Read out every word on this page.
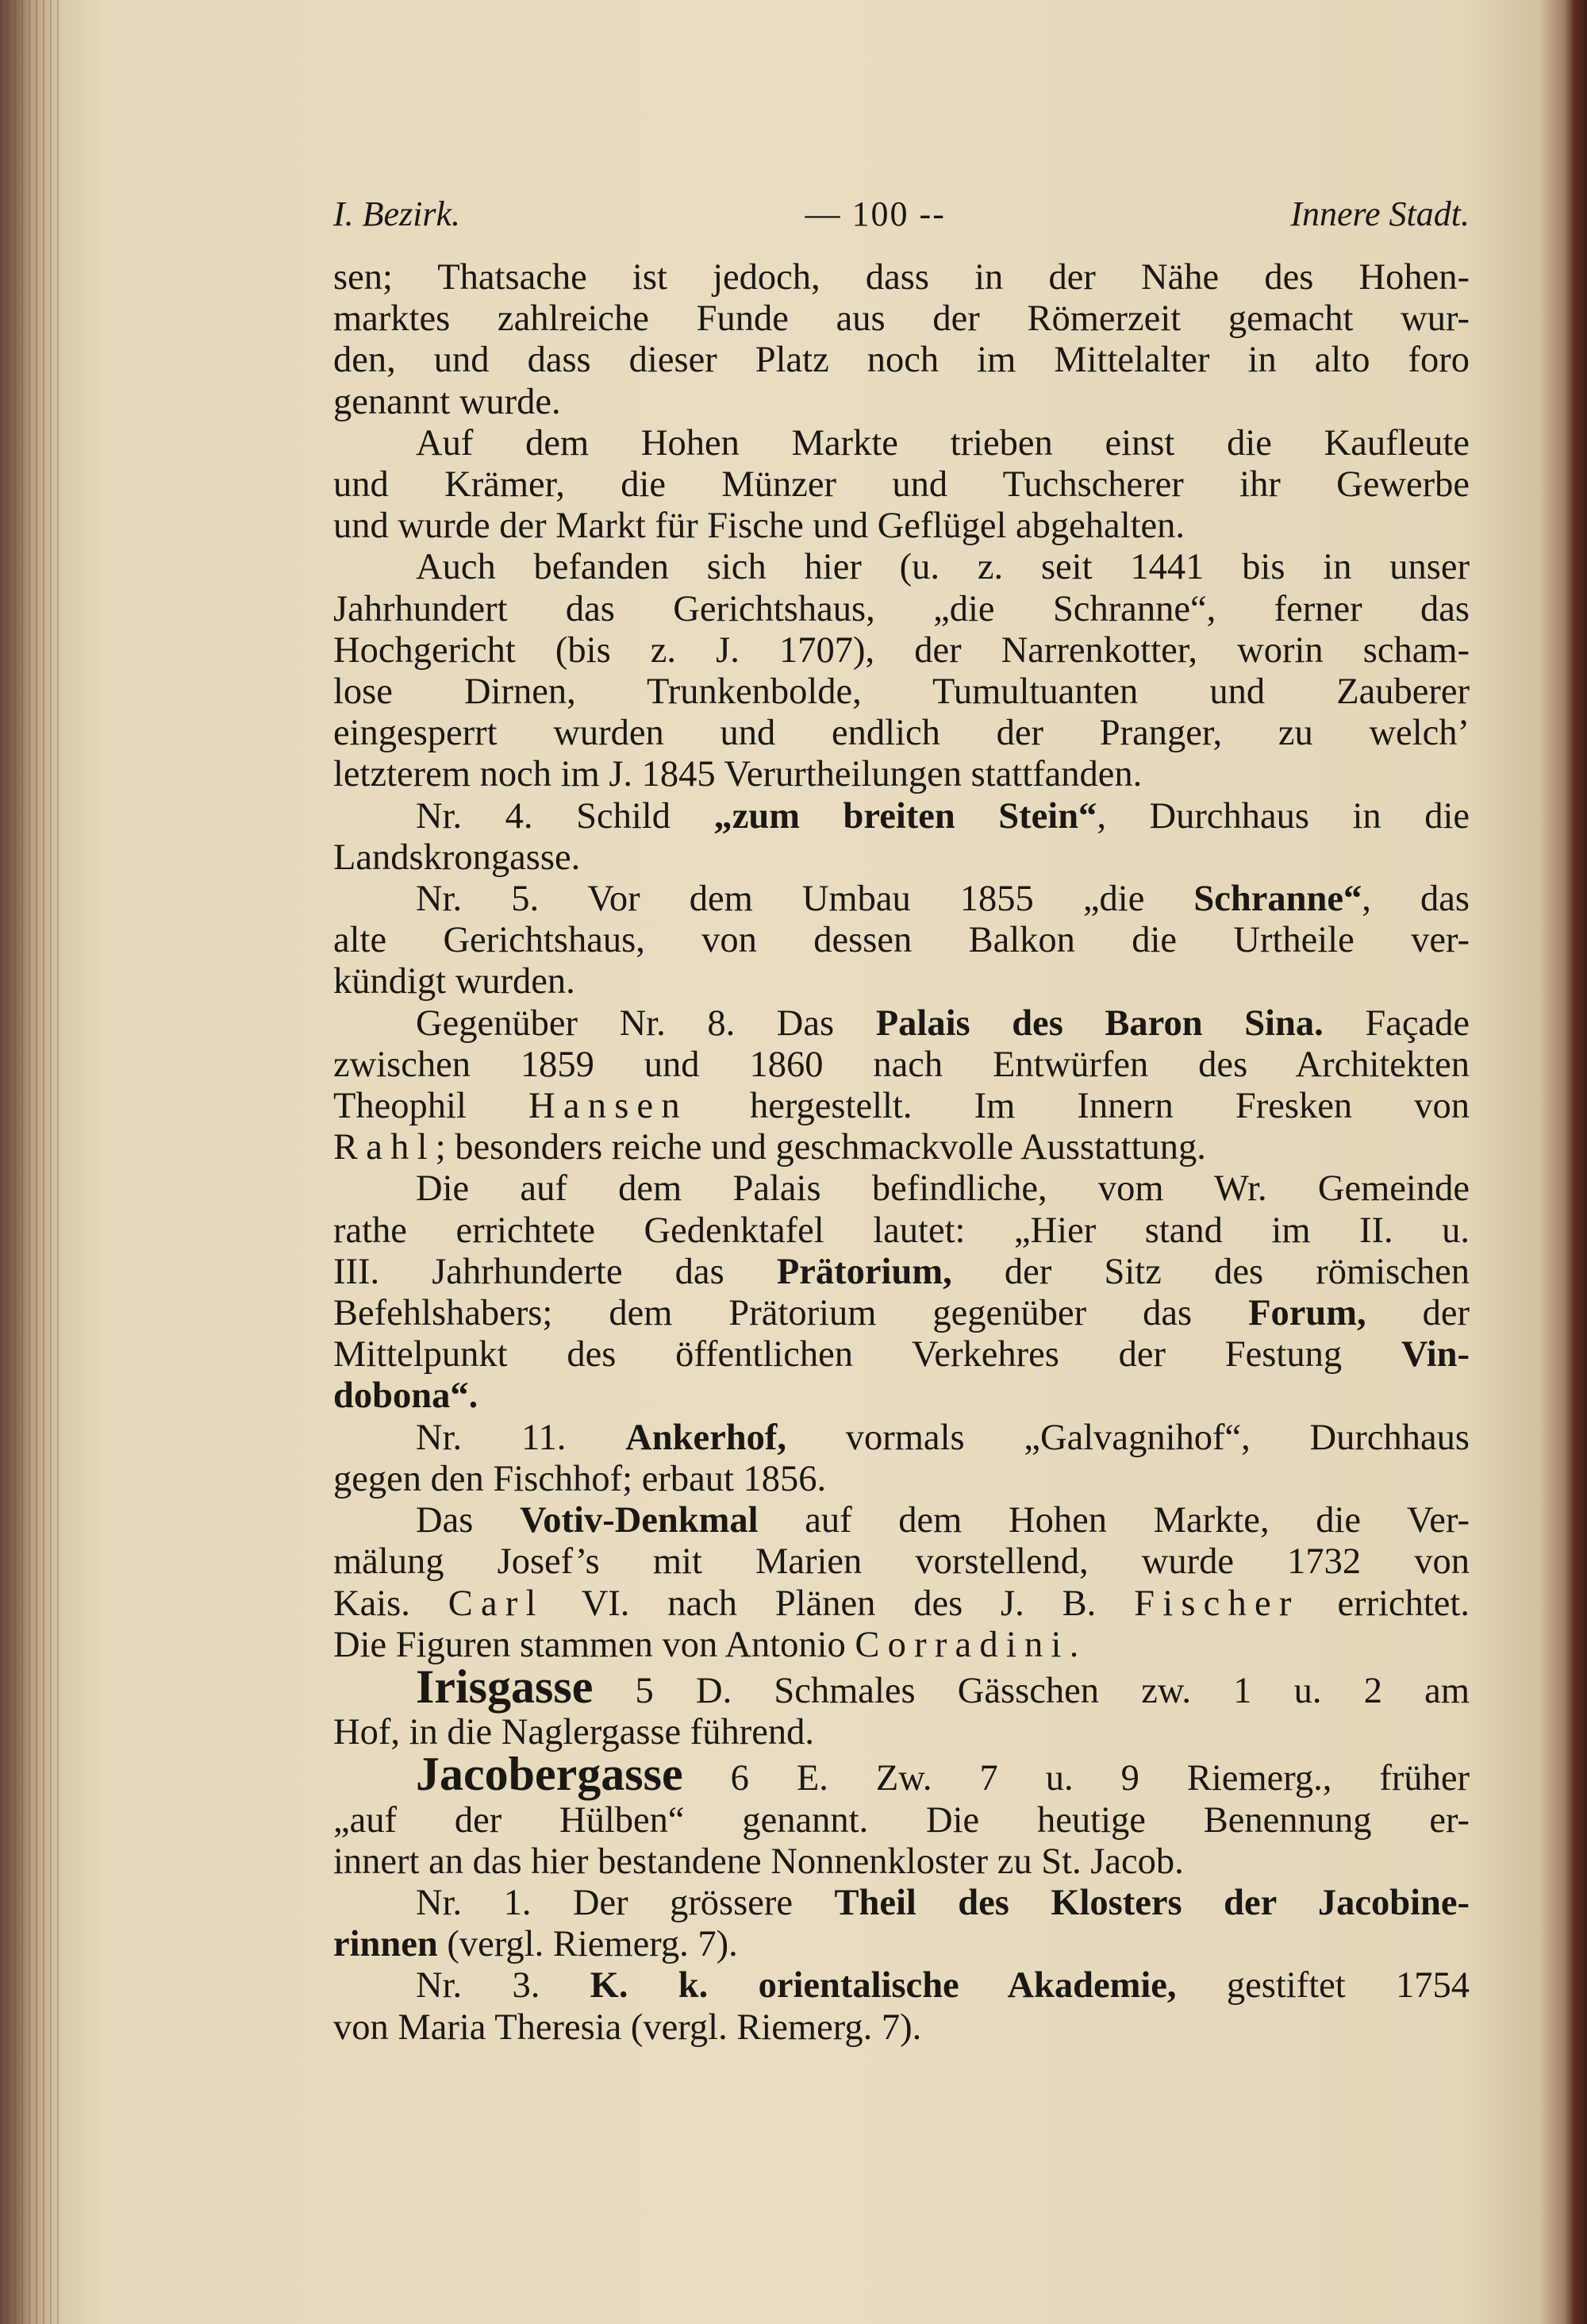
I. Bezirk.	— 100 --	Innere Stadt.

sen; Thatsache ist jedoch, dass in der Nähe des Hohen-

marktes zahlreiche Funde aus der Römerzeit gemacht wur-

den, und dass dieser Platz noch im Mittelalter in alto foro

genannt wurde.

Auf dem Hohen Markte trieben einst die Kaufleute

und Krämer, die Münzer und Tuchscherer ihr Gewerbe

und wurde der Markt für Fische und Geflügel abgehalten.

Auch befanden sich hier (u. z. seit 1441 bis in unser

Jahrhundert das Gerichtshaus, „die Schranne“, ferner das

Hochgericht (bis z. J. 1707), der Narrenkotter, worin scham-

lose Dirnen, Trunkenbolde, Tumultuanten und Zauberer

eingesperrt wurden und endlich der Pranger, zu welch’

letzterem noch im J. 1845 Verurtheilungen stattfanden.

Nr. 4. Schild „zum breiten Stein“, Durchhaus in die

Landskrongasse.

Nr. 5. Vor dem Umbau 1855 „die Schranne“, das

alte Gerichtshaus, von dessen Balkon die Urtheile ver-

kündigt wurden.

Gegenüber Nr. 8. Das Palais des Baron Sina. Façade

zwischen 1859 und 1860 nach Entwürfen des Architekten

Theophil Hansen hergestellt. Im Innern Fresken von

Rahl; besonders reiche und geschmackvolle Ausstattung.

Die auf dem Palais befindliche, vom Wr. Gemeinde

rathe errichtete Gedenktafel lautet: „Hier stand im II. u.

III. Jahrhunderte das Prätorium, der Sitz des römischen

Befehlshabers; dem Prätorium gegenüber das Forum, der

Mittelpunkt des öffentlichen Verkehres der Festung Vin-

dobona“.

Nr. 11. Ankerhof, vormals „Galvagnihof“, Durchhaus

gegen den Fischhof; erbaut 1856.

Das Votiv-Denkmal auf dem Hohen Markte, die Ver-

mälung Josef’s mit Marien vorstellend, wurde 1732 von

Kais. Carl VI. nach Plänen des J. B. Fischer errichtet.

Die Figuren stammen von Antonio Corradini.

Irisgasse 5 D. Schmales Gässchen zw. 1 u. 2 am

Hof, in die Naglergasse führend.

Jacobergasse 6 E. Zw. 7 u. 9 Riemerg., früher

„auf der Hülben“ genannt. Die heutige Benennung er-

innert an das hier bestandene Nonnenkloster zu St. Jacob.

Nr. 1. Der grössere Theil des Klosters der Jacobine-

rinnen (vergl. Riemerg. 7).

Nr. 3. K. k. orientalische Akademie, gestiftet 1754

von Maria Theresia (vergl. Riemerg. 7).
